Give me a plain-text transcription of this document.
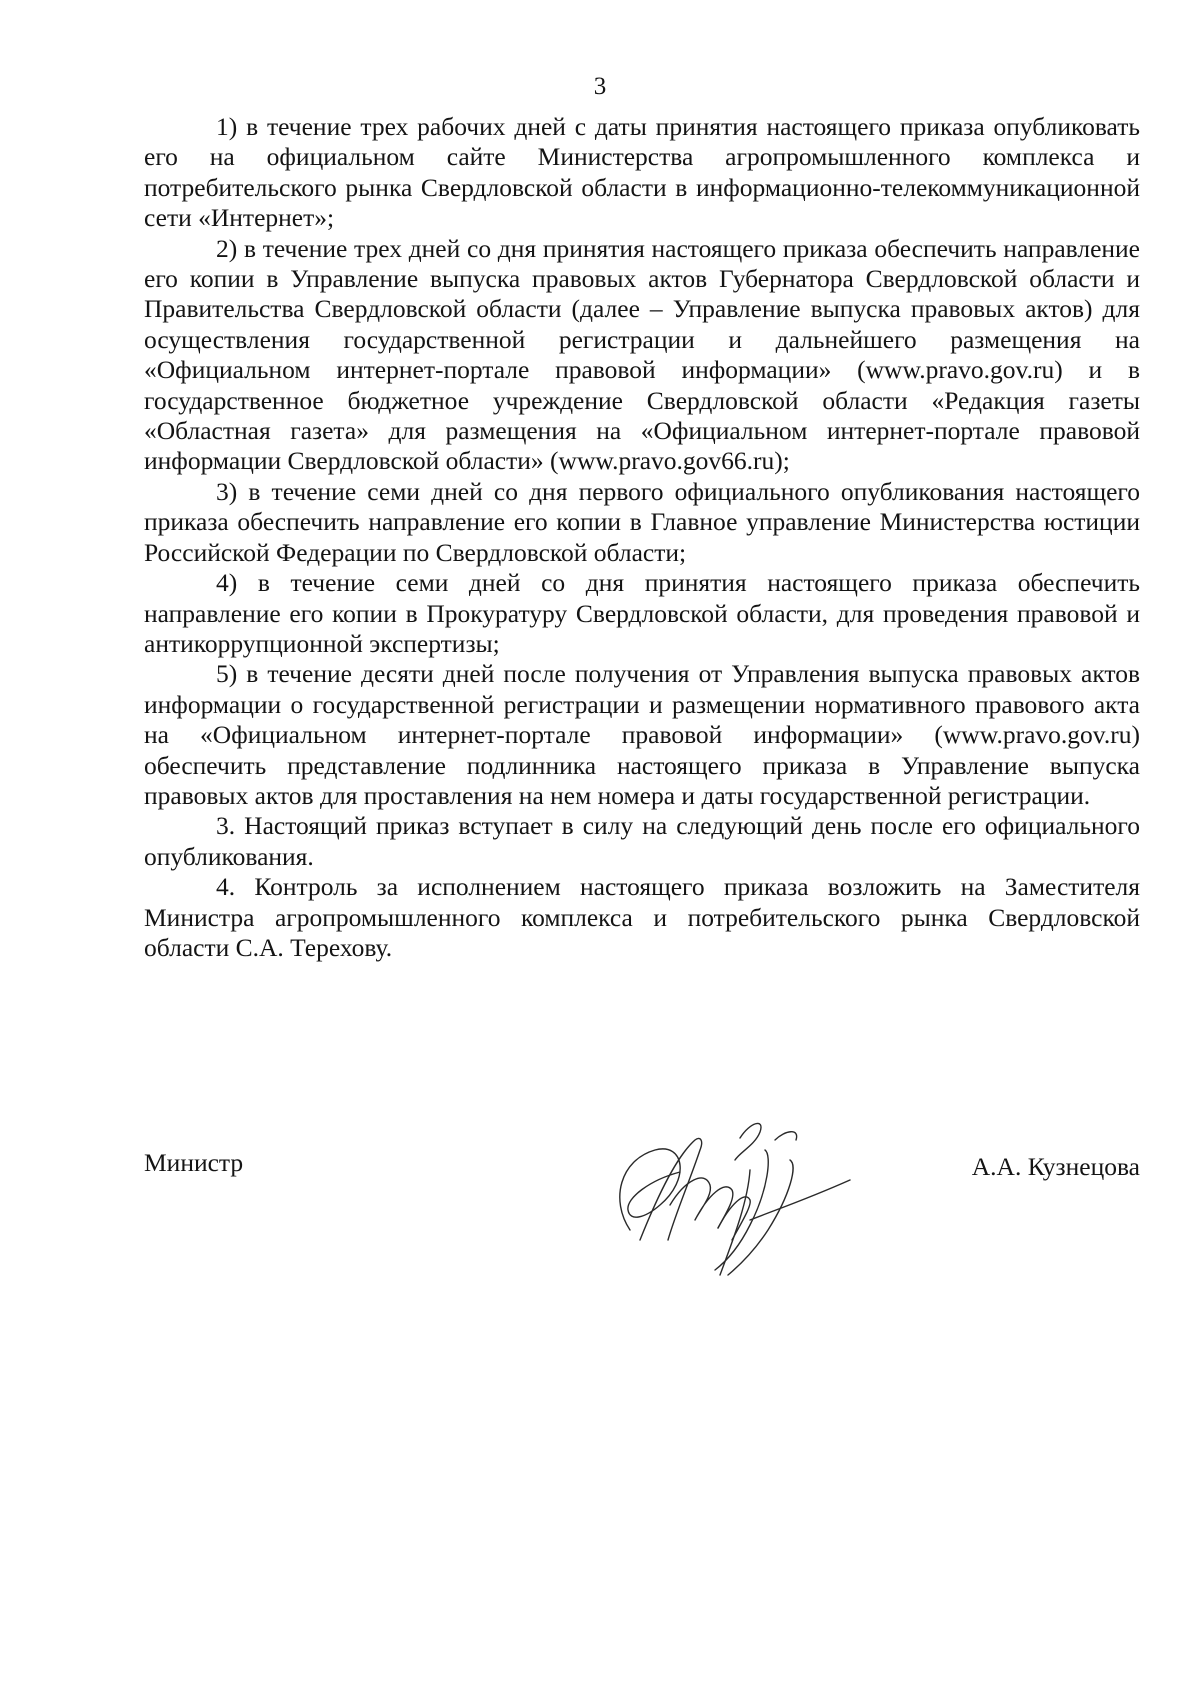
3

1) в течение трех рабочих дней с даты принятия настоящего приказа опубликовать его на официальном сайте Министерства агропромышленного комплекса и потребительского рынка Свердловской области в информационно-телекоммуникационной сети «Интернет»;

2) в течение трех дней со дня принятия настоящего приказа обеспечить направление его копии в Управление выпуска правовых актов Губернатора Свердловской области и Правительства Свердловской области (далее – Управление выпуска правовых актов) для осуществления государственной регистрации и дальнейшего размещения на «Официальном интернет-портале правовой информации» (www.pravo.gov.ru) и в государственное бюджетное учреждение Свердловской области «Редакция газеты «Областная газета» для размещения на «Официальном интернет-портале правовой информации Свердловской области» (www.pravo.gov66.ru);

3) в течение семи дней со дня первого официального опубликования настоящего приказа обеспечить направление его копии в Главное управление Министерства юстиции Российской Федерации по Свердловской области;

4) в течение семи дней со дня принятия настоящего приказа обеспечить направление его копии в Прокуратуру Свердловской области, для проведения правовой и антикоррупционной экспертизы;

5) в течение десяти дней после получения от Управления выпуска правовых актов информации о государственной регистрации и размещении нормативного правового акта на «Официальном интернет-портале правовой информации» (www.pravo.gov.ru) обеспечить представление подлинника настоящего приказа в Управление выпуска правовых актов для проставления на нем номера и даты государственной регистрации.

3. Настоящий приказ вступает в силу на следующий день после его официального опубликования.

4. Контроль за исполнением настоящего приказа возложить на Заместителя Министра агропромышленного комплекса и потребительского рынка Свердловской области С.А. Терехову.

Министр	А.А. Кузнецова
